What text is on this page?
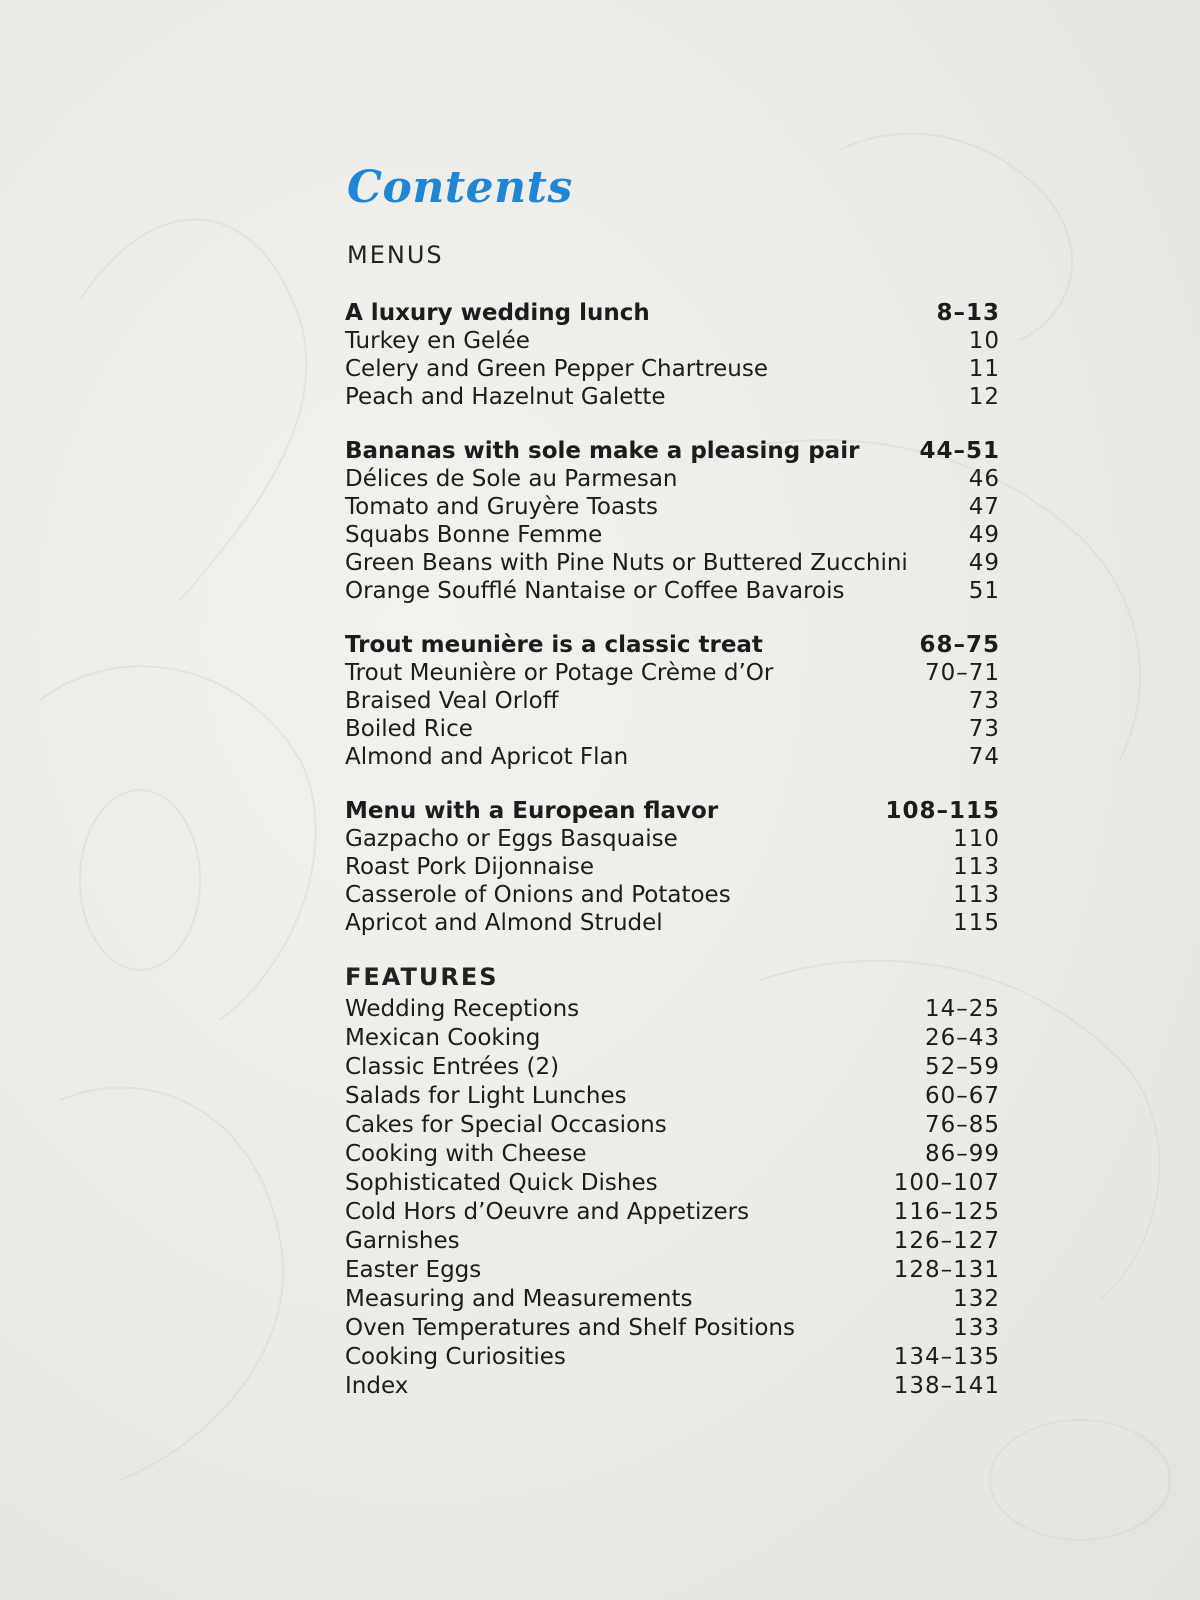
Contents
MENUS
A luxury wedding lunch	8–13
Turkey en Gelée	10
Celery and Green Pepper Chartreuse	11
Peach and Hazelnut Galette	12
Bananas with sole make a pleasing pair	44–51
Délices de Sole au Parmesan	46
Tomato and Gruyère Toasts	47
Squabs Bonne Femme	49
Green Beans with Pine Nuts or Buttered Zucchini	49
Orange Soufflé Nantaise or Coffee Bavarois	51
Trout meunière is a classic treat	68–75
Trout Meunière or Potage Crème d’Or	70–71
Braised Veal Orloff	73
Boiled Rice	73
Almond and Apricot Flan	74
Menu with a European flavor	108–115
Gazpacho or Eggs Basquaise	110
Roast Pork Dijonnaise	113
Casserole of Onions and Potatoes	113
Apricot and Almond Strudel	115
FEATURES
Wedding Receptions	14–25
Mexican Cooking	26–43
Classic Entrées (2)	52–59
Salads for Light Lunches	60–67
Cakes for Special Occasions	76–85
Cooking with Cheese	86–99
Sophisticated Quick Dishes	100–107
Cold Hors d’Oeuvre and Appetizers	116–125
Garnishes	126–127
Easter Eggs	128–131
Measuring and Measurements	132
Oven Temperatures and Shelf Positions	133
Cooking Curiosities	134–135
Index	138–141
